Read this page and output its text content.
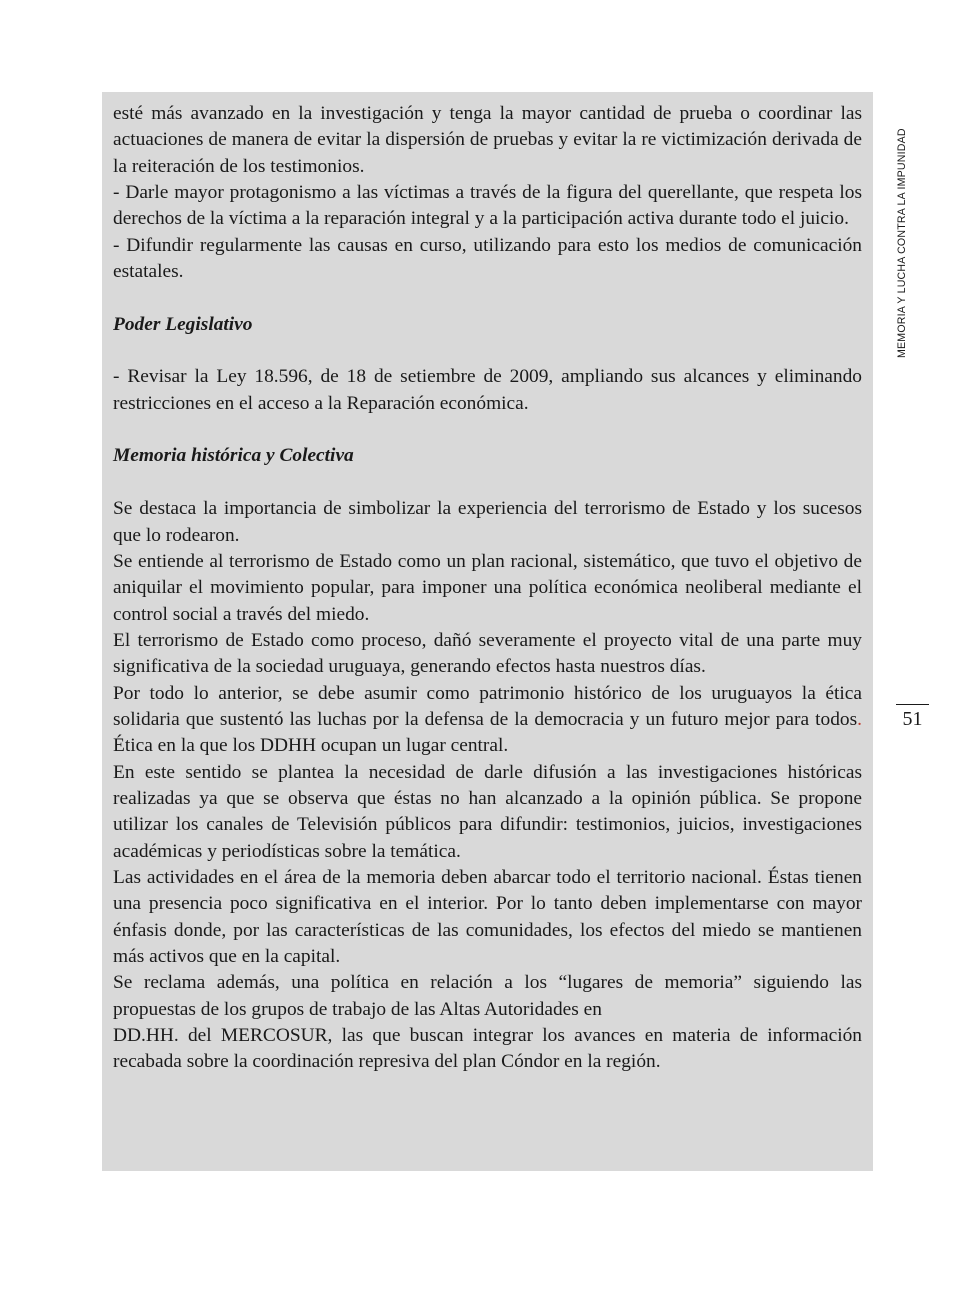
esté más avanzado en la investigación y tenga la mayor cantidad de prueba o coordinar las actuaciones de manera de evitar la dispersión de pruebas y evitar la re victimización derivada de la reiteración de los testimonios.

- Darle mayor protagonismo a las víctimas a través de la figura del querellante, que respeta los derechos de la víctima a la reparación integral y a la participación activa durante todo el juicio.

- Difundir regularmente las causas en curso, utilizando para esto los medios de comunicación estatales.

Poder Legislativo

- Revisar la Ley 18.596, de 18 de setiembre de 2009, ampliando sus alcances y eliminando restricciones en el acceso a la Reparación económica.

Memoria histórica y Colectiva

Se destaca la importancia de simbolizar la experiencia del terrorismo de Estado y los sucesos que lo rodearon.

Se entiende al terrorismo de Estado como un plan racional, sistemático, que tuvo el objetivo de aniquilar el movimiento popular, para imponer una política económica neoliberal mediante el control social a través del miedo.

El terrorismo de Estado como proceso, dañó severamente el proyecto vital de una parte muy significativa de la sociedad uruguaya, generando efectos hasta nuestros días.

Por todo lo anterior, se debe asumir como patrimonio histórico de los uruguayos la ética solidaria que sustentó las luchas por la defensa de la democracia y un futuro mejor para todos. Ética en la que los DDHH ocupan un lugar central.

En este sentido se plantea la necesidad de darle difusión a las investigaciones históricas realizadas ya que se observa que éstas no han alcanzado a la opinión pública. Se propone utilizar los canales de Televisión públicos para difundir: testimonios, juicios, investigaciones académicas y periodísticas sobre la temática.

Las actividades en el área de la memoria deben abarcar todo el territorio nacional. Éstas tienen una presencia poco significativa en el interior. Por lo tanto deben implementarse con mayor énfasis donde, por las características de las comunidades, los efectos del miedo se mantienen más activos que en la capital.

Se reclama además, una política en relación a los “lugares de memoria” siguiendo las propuestas de los grupos de trabajo de las Altas Autoridades en

DD.HH. del MERCOSUR, las que buscan integrar los avances en materia de información recabada sobre la coordinación represiva del plan Cóndor en la región.

MEMORIA Y LUCHA CONTRA LA IMPUNIDAD
51
